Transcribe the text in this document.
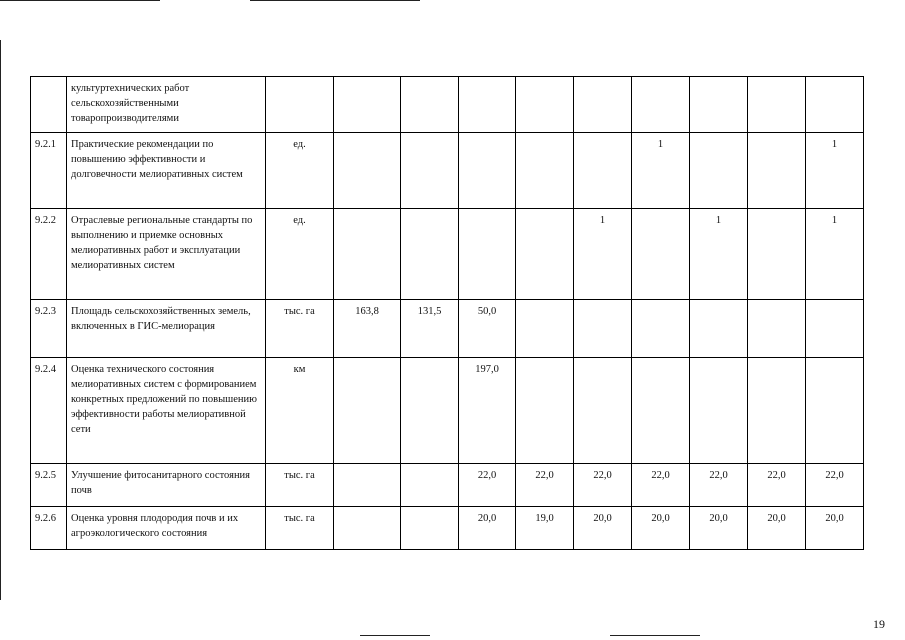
	культуртехнических работ сельскохозяйственными товаропроизводителями										
9.2.1	Практические рекомендации по повышению эффективности и долговечности мелиоративных систем	ед.						1			1
9.2.2	Отраслевые региональные стандарты по выполнению и приемке основных мелиоративных работ и эксплуатации мелиоративных систем	ед.					1		1		1
9.2.3	Площадь сельскохозяйственных земель, включенных в ГИС-мелиорация	тыс. га	163,8	131,5	50,0						
9.2.4	Оценка технического состояния мелиоративных систем с формированием конкретных предложений по повышению эффективности работы мелиоративной сети	км			197,0						
9.2.5	Улучшение фитосанитарного состояния почв	тыс. га			22,0	22,0	22,0	22,0	22,0	22,0	22,0
9.2.6	Оценка уровня плодородия почв и их агроэкологического состояния	тыс. га			20,0	19,0	20,0	20,0	20,0	20,0	20,0
19
